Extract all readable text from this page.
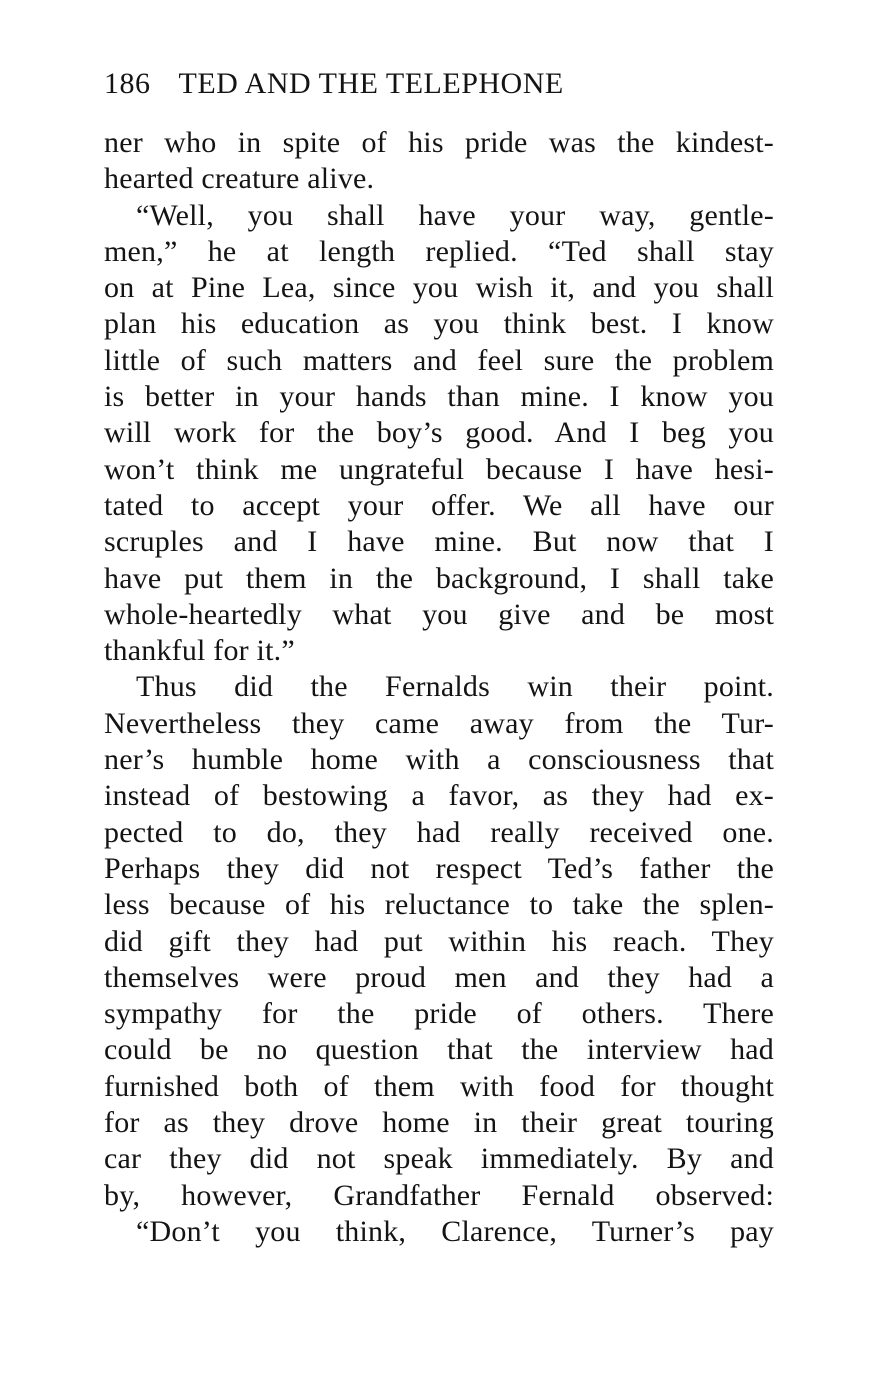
186 TED AND THE TELEPHONE
ner who in spite of his pride was the kindest-
hearted creature alive.
“Well, you shall have your way, gentle-
men,” he at length replied. “Ted shall stay
on at Pine Lea, since you wish it, and you shall
plan his education as you think best. I know
little of such matters and feel sure the problem
is better in your hands than mine. I know you
will work for the boy’s good. And I beg you
won’t think me ungrateful because I have hesi-
tated to accept your offer. We all have our
scruples and I have mine. But now that I
have put them in the background, I shall take
whole-heartedly what you give and be most
thankful for it.”
Thus did the Fernalds win their point.
Nevertheless they came away from the Tur-
ner’s humble home with a consciousness that
instead of bestowing a favor, as they had ex-
pected to do, they had really received one.
Perhaps they did not respect Ted’s father the
less because of his reluctance to take the splen-
did gift they had put within his reach. They
themselves were proud men and they had a
sympathy for the pride of others. There
could be no question that the interview had
furnished both of them with food for thought
for as they drove home in their great touring
car they did not speak immediately. By and
by, however, Grandfather Fernald observed:
“Don’t you think, Clarence, Turner’s pay
